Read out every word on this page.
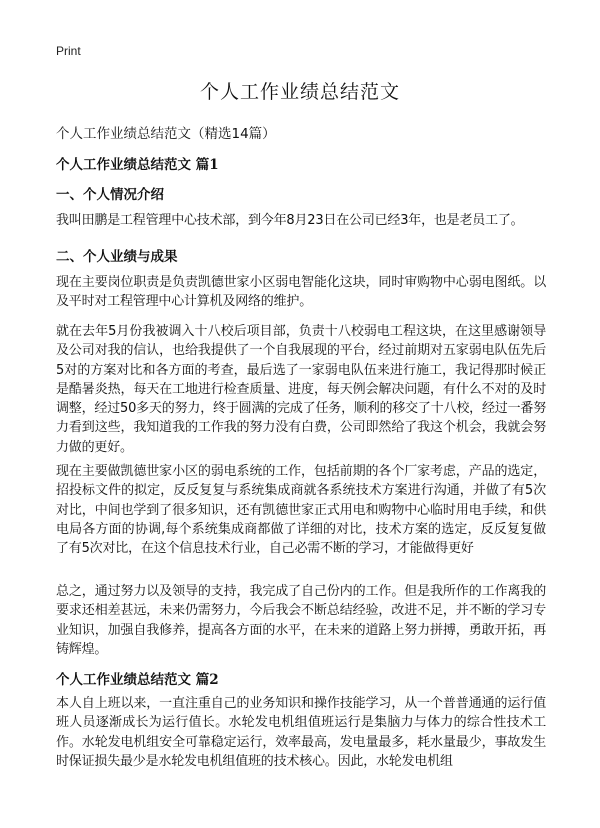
Print
个人工作业绩总结范文

个人工作业绩总结范文（精选14篇）

个人工作业绩总结范文 篇1
一、个人情况介绍

我叫田鹏是工程管理中心技术部，到今年8月23日在公司已经3年，也是老员工了。

二、个人业绩与成果

现在主要岗位职责是负责凯德世家小区弱电智能化这块，同时审购物中心弱电图纸。以及平时对工程管理中心计算机及网络的维护。

就在去年5月份我被调入十八校后项目部，负责十八校弱电工程这块，在这里感谢领导及公司对我的信认，也给我提供了一个自我展现的平台，经过前期对五家弱电队伍先后5对的方案对比和各方面的考查，最后选了一家弱电队伍来进行施工，我记得那时候正是酷暑炎热，每天在工地进行检查质量、进度，每天例会解决问题，有什么不对的及时调整，经过50多天的努力，终于圆满的完成了任务，顺利的移交了十八校，经过一番努力看到这些，我知道我的工作我的努力没有白费，公司即然给了我这个机会，我就会努力做的更好。

现在主要做凯德世家小区的弱电系统的工作，包括前期的各个厂家考虑，产品的选定，招投标文件的拟定，反反复复与系统集成商就各系统技术方案进行沟通，并做了有5次对比，中间也学到了很多知识，还有凯德世家正式用电和购物中心临时用电手续，和供电局各方面的协调,每个系统集成商都做了详细的对比，技术方案的选定，反反复复做了有5次对比，在这个信息技术行业，自己必需不断的学习，才能做得更好

总之，通过努力以及领导的支持，我完成了自己份内的工作。但是我所作的工作离我的要求还相差甚远，未来仍需努力，今后我会不断总结经验，改进不足，并不断的学习专业知识，加强自我修养，提高各方面的水平，在未来的道路上努力拼搏，勇敢开拓，再铸辉煌。

个人工作业绩总结范文 篇2

本人自上班以来，一直注重自己的业务知识和操作技能学习，从一个普普通通的运行值班人员逐渐成长为运行值长。水轮发电机组值班运行是集脑力与体力的综合性技术工作。水轮发电机组安全可靠稳定运行，效率最高，发电量最多，耗水量最少，事故发生时保证损失最少是水轮发电机组值班的技术核心。因此，水轮发电机组
